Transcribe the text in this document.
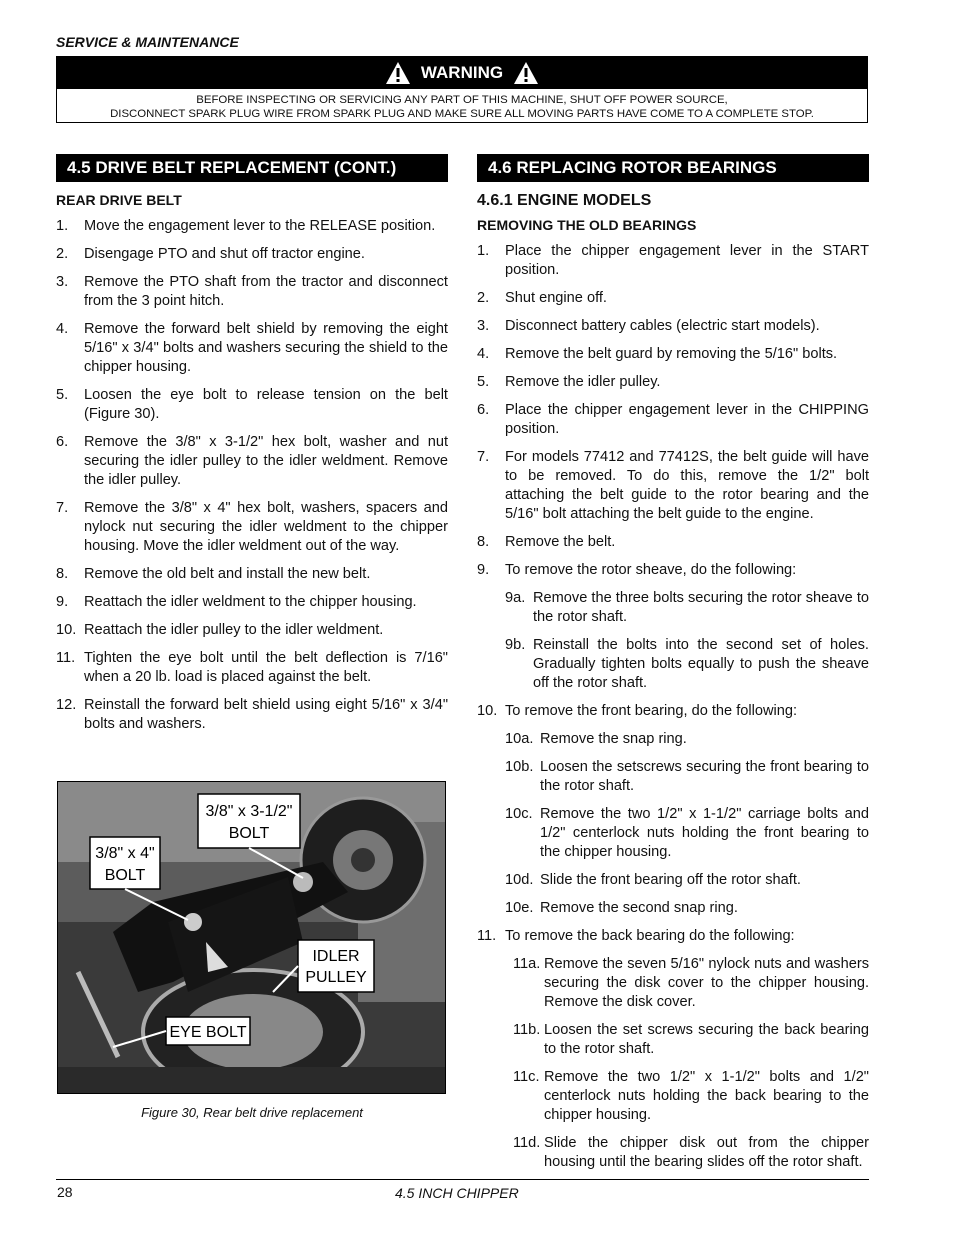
SERVICE & MAINTENANCE
WARNING
BEFORE INSPECTING OR SERVICING ANY PART OF THIS MACHINE, SHUT OFF POWER SOURCE,
DISCONNECT SPARK PLUG WIRE FROM SPARK PLUG AND MAKE SURE ALL MOVING PARTS HAVE COME TO A COMPLETE STOP.
4.5 DRIVE BELT REPLACEMENT (CONT.)
REAR DRIVE BELT
1. Move the engagement lever to the RELEASE position.
2. Disengage PTO and shut off tractor engine.
3. Remove the PTO shaft from the tractor and disconnect from the 3 point hitch.
4. Remove the forward belt shield by removing the eight 5/16" x 3/4" bolts and washers securing the shield to the chipper housing.
5. Loosen the eye bolt to release tension on the belt (Figure 30).
6. Remove the 3/8" x 3-1/2" hex bolt, washer and nut securing the idler pulley to the idler weldment. Remove the idler pulley.
7. Remove the 3/8" x 4" hex bolt, washers, spacers and nylock nut securing the idler weldment to the chipper housing. Move the idler weldment out of the way.
8. Remove the old belt and install the new belt.
9. Reattach the idler weldment to the chipper housing.
10. Reattach the idler pulley to the idler weldment.
11. Tighten the eye bolt until the belt deflection is 7/16" when a 20 lb. load is placed against the belt.
12. Reinstall the forward belt shield using eight 5/16" x 3/4" bolts and washers.
3/8" x 3-1/2"
BOLT
3/8" x 4"
BOLT
IDLER
PULLEY
EYE BOLT
Figure 30, Rear belt drive replacement
4.6 REPLACING ROTOR BEARINGS
4.6.1 ENGINE MODELS
REMOVING THE OLD BEARINGS
1. Place the chipper engagement lever in the START position.
2. Shut engine off.
3. Disconnect battery cables (electric start models).
4. Remove the belt guard by removing the 5/16" bolts.
5. Remove the idler pulley.
6. Place the chipper engagement lever in the CHIPPING position.
7. For models 77412 and 77412S, the belt guide will have to be removed. To do this, remove the 1/2" bolt attaching the belt guide to the rotor bearing and the 5/16" bolt attaching the belt guide to the engine.
8. Remove the belt.
9. To remove the rotor sheave, do the following:
9a. Remove the three bolts securing the rotor sheave to the rotor shaft.
9b. Reinstall the bolts into the second set of holes. Gradually tighten bolts equally to push the sheave off the rotor shaft.
10. To remove the front bearing, do the following:
10a. Remove the snap ring.
10b. Loosen the setscrews securing the front bearing to the rotor shaft.
10c. Remove the two 1/2" x 1-1/2" carriage bolts and 1/2" centerlock nuts holding the front bearing to the chipper housing.
10d. Slide the front bearing off the rotor shaft.
10e. Remove the second snap ring.
11. To remove the back bearing do the following:
11a. Remove the seven 5/16" nylock nuts and washers securing the disk cover to the chipper housing. Remove the disk cover.
11b. Loosen the set screws securing the back bearing to the rotor shaft.
11c. Remove the two 1/2" x 1-1/2" bolts and 1/2" centerlock nuts holding the back bearing to the chipper housing.
11d. Slide the chipper disk out from the chipper housing until the bearing slides off the rotor shaft.
28	4.5 INCH CHIPPER
